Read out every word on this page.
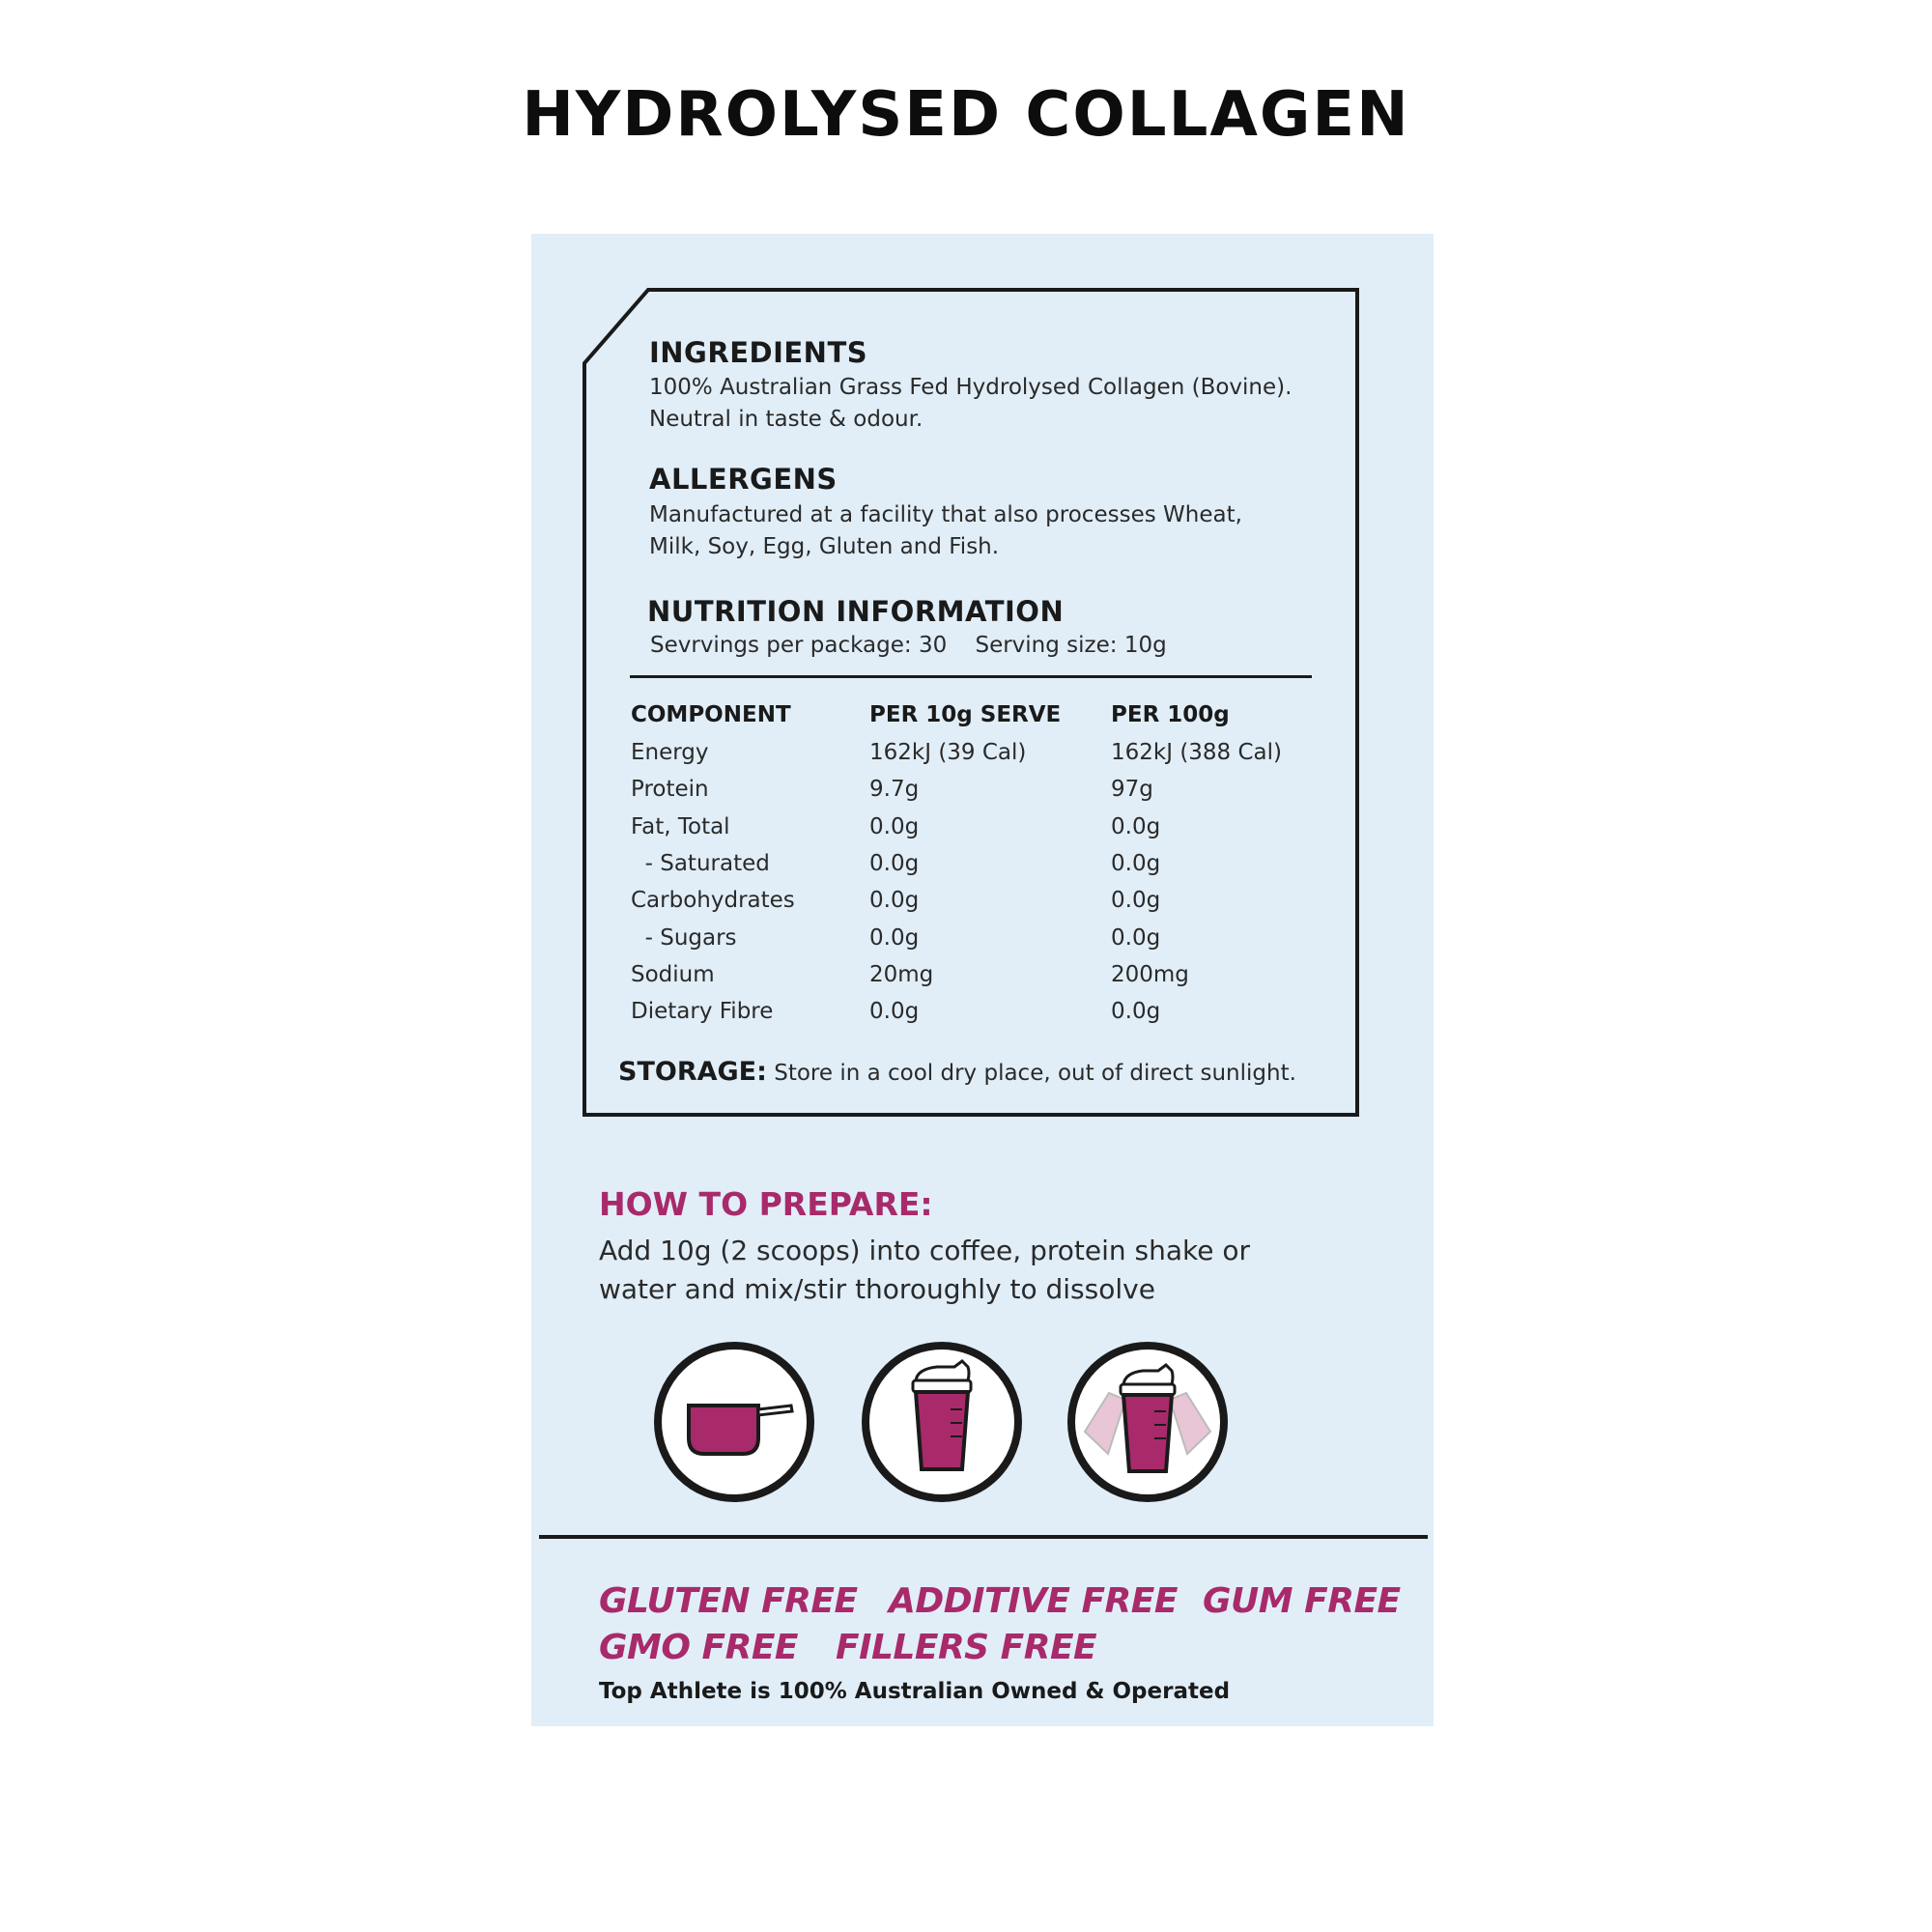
HYDROLYSED COLLAGEN
INGREDIENTS
100% Australian Grass Fed Hydrolysed Collagen (Bovine).
Neutral in taste & odour.
ALLERGENS
Manufactured at a facility that also processes Wheat,
Milk, Soy, Egg, Gluten and Fish.
NUTRITION INFORMATION
Sevrvings per package: 30    Serving size: 10g
COMPONENT	PER 10g SERVE	PER 100g
Energy	162kJ (39 Cal)	162kJ (388 Cal)
Protein	9.7g	97g
Fat, Total	0.0g	0.0g
- Saturated	0.0g	0.0g
Carbohydrates	0.0g	0.0g
- Sugars	0.0g	0.0g
Sodium	20mg	200mg
Dietary Fibre	0.0g	0.0g
STORAGE: Store in a cool dry place, out of direct sunlight.
HOW TO PREPARE:
Add 10g (2 scoops) into coffee, protein shake or water and mix/stir thoroughly to dissolve
GLUTEN FREE ADDITIVE FREE GUM FREE
GMO FREE FILLERS FREE
Top Athlete is 100% Australian Owned & Operated
